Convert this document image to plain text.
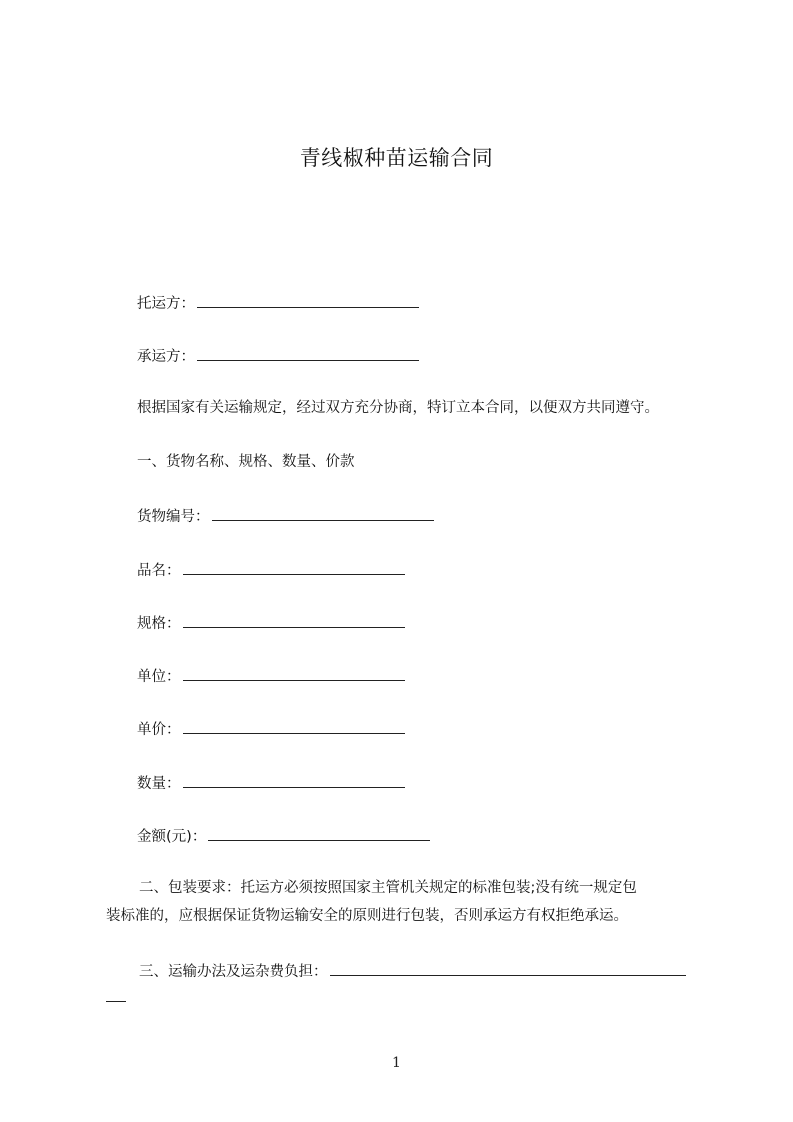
青线椒种苗运输合同
托运方：
承运方：
根据国家有关运输规定，经过双方充分协商，特订立本合同，以便双方共同遵守。
一、货物名称、规格、数量、价款
货物编号：
品名：
规格：
单位：
单价：
数量：
金额(元)：
二、包装要求：托运方必须按照国家主管机关规定的标准包装;没有统一规定包
装标准的，应根据保证货物运输安全的原则进行包装，否则承运方有权拒绝承运。
三、运输办法及运杂费负担：
1
